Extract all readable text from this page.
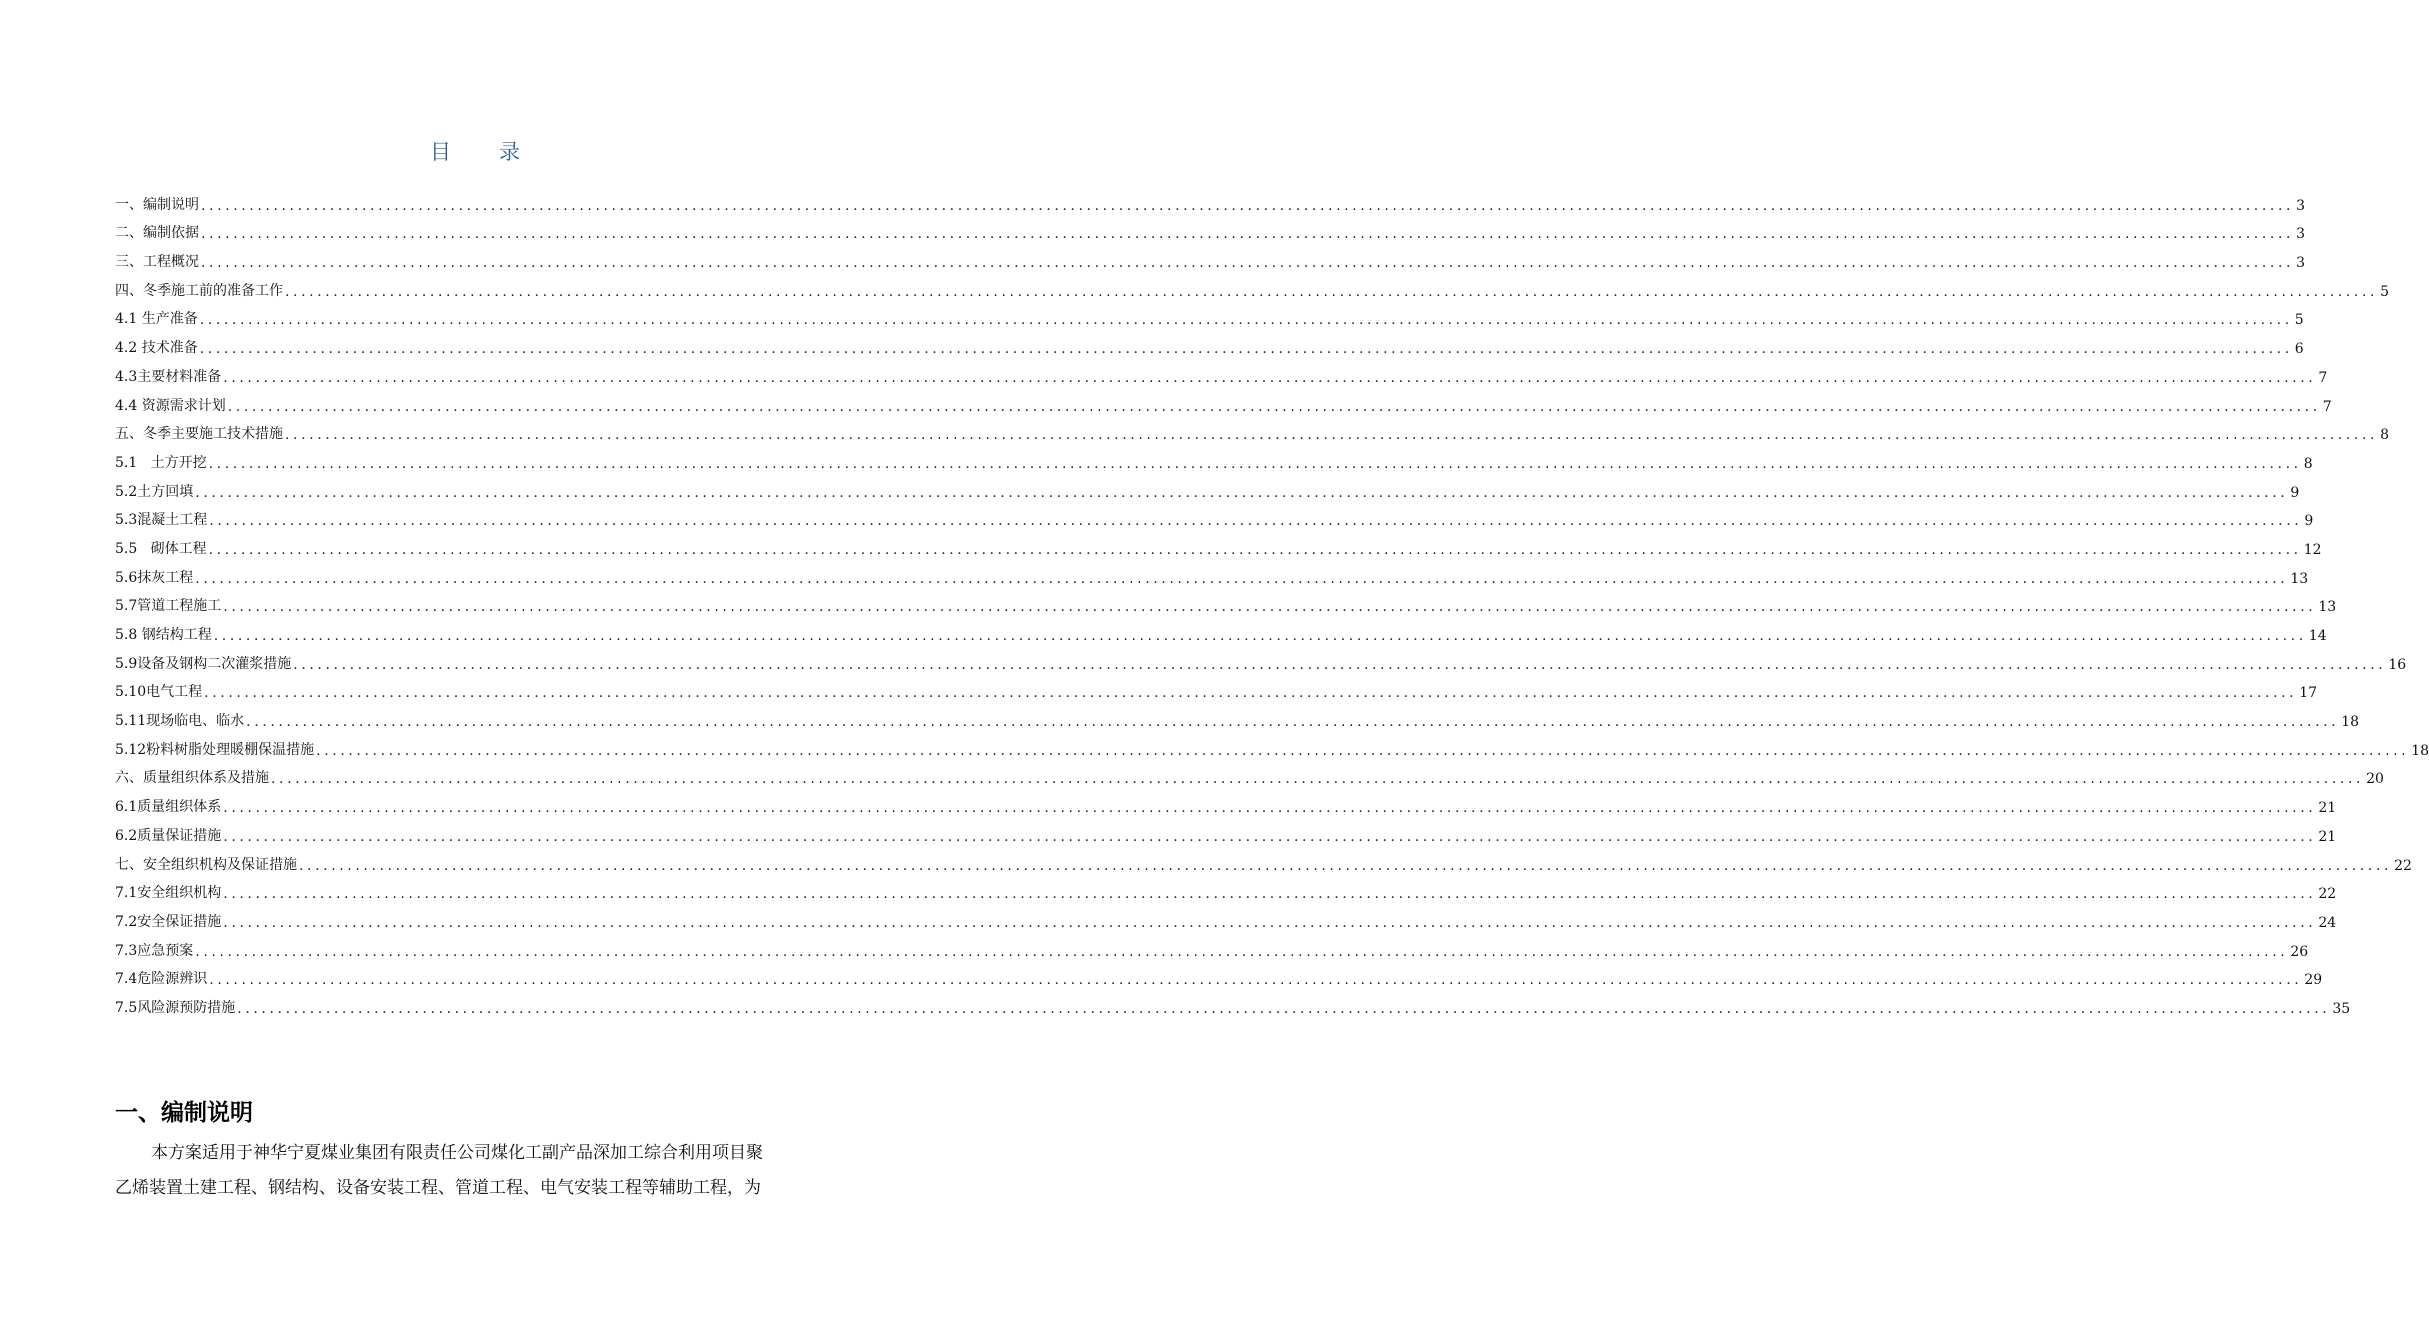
目 录
一、编制说明 .................................................................................................................................................................................................................................................................... 3
二、编制依据 .................................................................................................................................................................................................................................................................... 3
三、工程概况 .................................................................................................................................................................................................................................................................... 3
四、冬季施工前的准备工作 .................................................................................................................................................................................................................................................................... 5
4.1 生产准备 .................................................................................................................................................................................................................................................................... 5
4.2 技术准备 .................................................................................................................................................................................................................................................................... 6
4.3主要材料准备 .................................................................................................................................................................................................................................................................... 7
4.4 资源需求计划 .................................................................................................................................................................................................................................................................... 7
五、冬季主要施工技术措施 .................................................................................................................................................................................................................................................................... 8
5.1   土方开挖 .................................................................................................................................................................................................................................................................... 8
5.2土方回填 .................................................................................................................................................................................................................................................................... 9
5.3混凝土工程 .................................................................................................................................................................................................................................................................... 9
5.5   砌体工程 .................................................................................................................................................................................................................................................................... 12
5.6抹灰工程 .................................................................................................................................................................................................................................................................... 13
5.7管道工程施工 .................................................................................................................................................................................................................................................................... 13
5.8 钢结构工程 .................................................................................................................................................................................................................................................................... 14
5.9设备及钢构二次灌浆措施 .................................................................................................................................................................................................................................................................... 16
5.10电气工程 .................................................................................................................................................................................................................................................................... 17
5.11现场临电、临水 .................................................................................................................................................................................................................................................................... 18
5.12粉料树脂处理暖棚保温措施 .................................................................................................................................................................................................................................................................... 18
六、质量组织体系及措施 .................................................................................................................................................................................................................................................................... 20
6.1质量组织体系 .................................................................................................................................................................................................................................................................... 21
6.2质量保证措施 .................................................................................................................................................................................................................................................................... 21
七、安全组织机构及保证措施 .................................................................................................................................................................................................................................................................... 22
7.1安全组织机构 .................................................................................................................................................................................................................................................................... 22
7.2安全保证措施 .................................................................................................................................................................................................................................................................... 24
7.3应急预案 .................................................................................................................................................................................................................................................................... 26
7.4危险源辨识 .................................................................................................................................................................................................................................................................... 29
7.5风险源预防措施 .................................................................................................................................................................................................................................................................... 35
一、编制说明
本方案适用于神华宁夏煤业集团有限责任公司煤化工副产品深加工综合利用项目聚
乙烯装置土建工程、钢结构、设备安装工程、管道工程、电气安装工程等辅助工程，为
